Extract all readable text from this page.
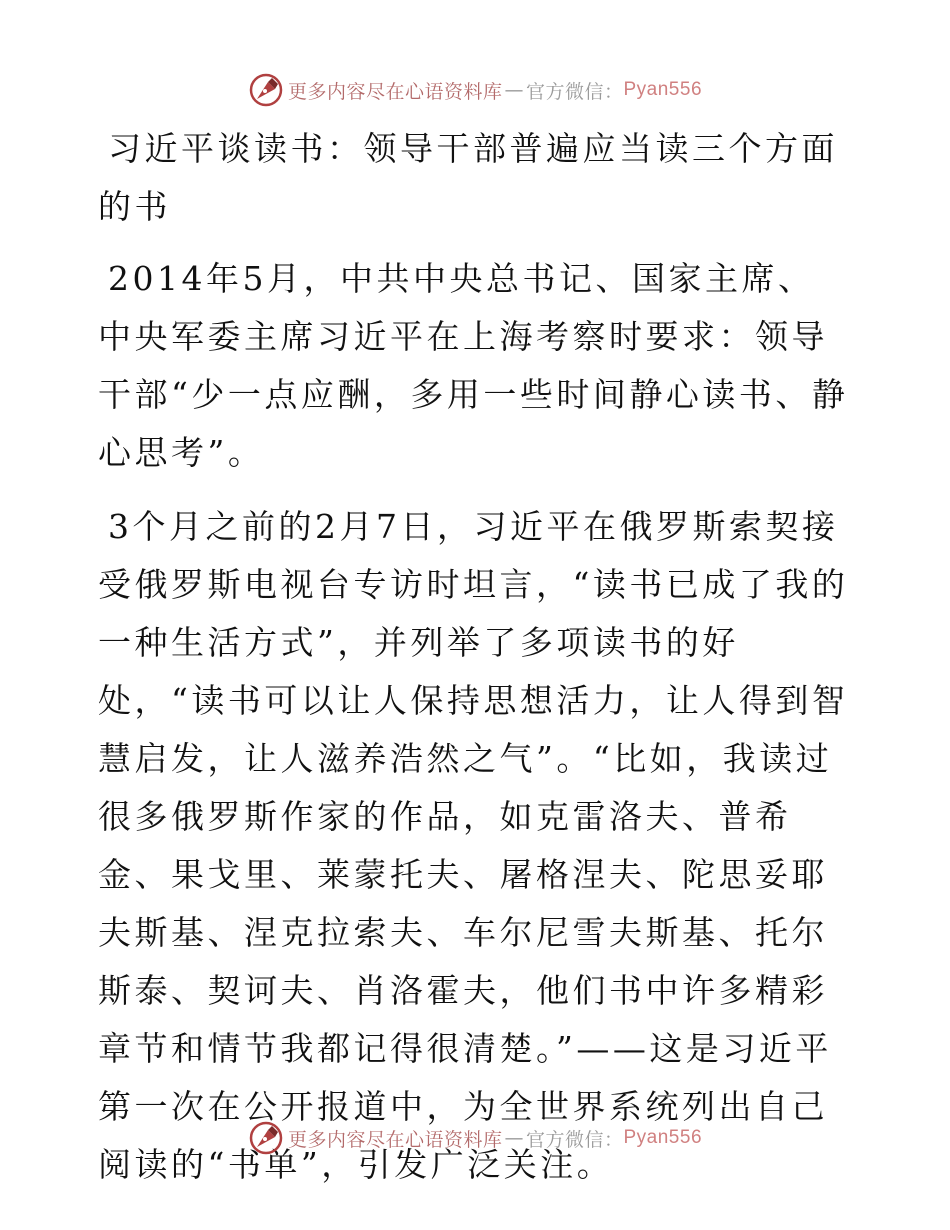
更多内容尽在心语资料库 — 官方微信： Pyan556

习近平谈读书：领导干部普遍应当读三个方面的书

2014年5月，中共中央总书记、国家主席、中央军委主席习近平在上海考察时要求：领导干部“少一点应酬，多用一些时间静心读书、静心思考”。

3个月之前的2月7日，习近平在俄罗斯索契接受俄罗斯电视台专访时坦言，“读书已成了我的一种生活方式”，并列举了多项读书的好处，“读书可以让人保持思想活力，让人得到智慧启发，让人滋养浩然之气”。“比如，我读过很多俄罗斯作家的作品，如克雷洛夫、普希金、果戈里、莱蒙托夫、屠格涅夫、陀思妥耶夫斯基、涅克拉索夫、车尔尼雪夫斯基、托尔斯泰、契诃夫、肖洛霍夫，他们书中许多精彩章节和情节我都记得很清楚。”——这是习近平第一次在公开报道中，为全世界系统列出自己阅读的“书单”，引发广泛关注。

更多内容尽在心语资料库 — 官方微信： Pyan556
